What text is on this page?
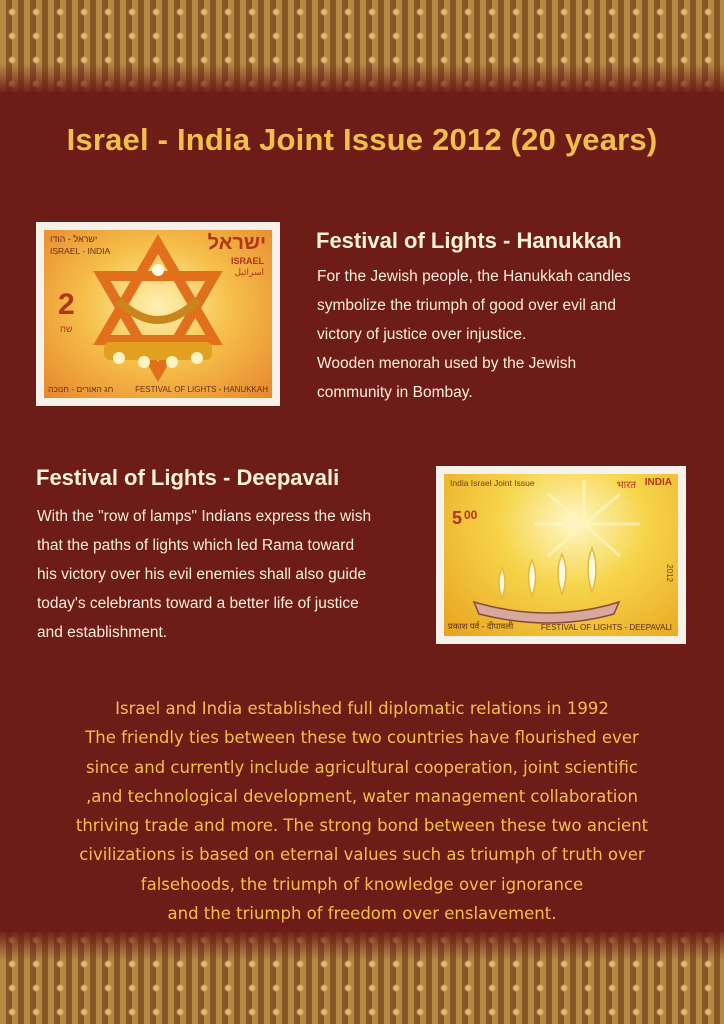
Israel - India Joint Issue 2012 (20 years)
ישראל - הודו
ISRAEL - INDIA	ישראל
ISRAEL
اسرائيل
2
שח
חג האורים - חנוכה	FESTIVAL OF LIGHTS - HANUKKAH
Festival of Lights - Hanukkah
For the Jewish people, the Hanukkah candles
symbolize the triumph of good over evil and
victory of justice over injustice.
Wooden menorah used by the Jewish
community in Bombay.
Festival of Lights - Deepavali
With the "row of lamps" Indians express the wish
that the paths of lights which led Rama toward
his victory over his evil enemies shall also guide
today's celebrants toward a better life of justice
and establishment.
India Israel Joint Issue	भारत INDIA
5 00
2012
प्रकाश पर्व - दीपावली	FESTIVAL OF LIGHTS - DEEPAVALI
Israel and India established full diplomatic relations in 1992
The friendly ties between these two countries have flourished ever
since and currently include agricultural cooperation, joint scientific
,and technological development, water management collaboration
thriving trade and more. The strong bond between these two ancient
civilizations is based on eternal values such as triumph of truth over
falsehoods, the triumph of knowledge over ignorance
and the triumph of freedom over enslavement.
